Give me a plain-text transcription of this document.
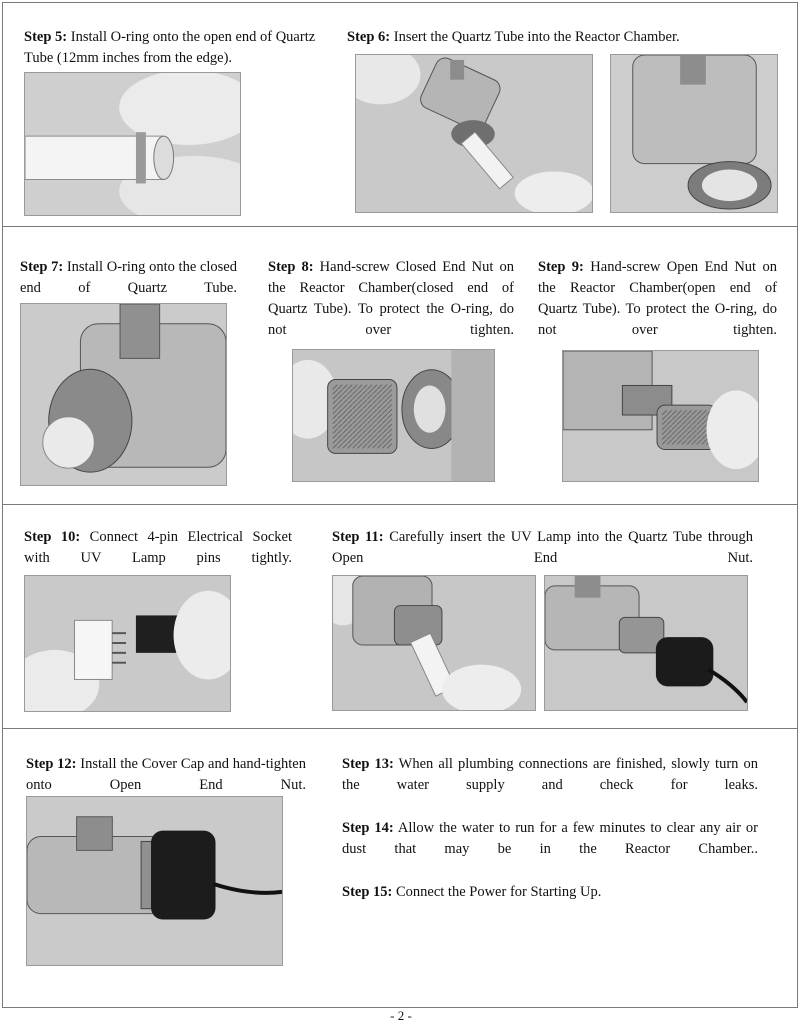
Step 5: Install O-ring onto the open end of Quartz Tube (12mm inches from the edge).

Step 6: Insert the Quartz Tube into the Reactor Chamber.

Step 7: Install O-ring onto the closed end of Quartz Tube.

Step 8: Hand-screw Closed End Nut on the Reactor Chamber(closed end of Quartz Tube). To protect the O-ring, do not over tighten.

Step 9: Hand-screw Open End Nut on the Reactor Chamber(open end of Quartz Tube). To protect the O-ring, do not over tighten.

Step 10: Connect 4-pin Electrical Socket with UV Lamp pins tightly.

Step 11: Carefully insert the UV Lamp into the Quartz Tube through Open End Nut.

Step 12: Install the Cover Cap and hand-tighten onto Open End Nut.

Step 13: When all plumbing connections are finished, slowly turn on the water supply and check for leaks.

Step 14: Allow the water to run for a few minutes to clear any air or dust that may be in the Reactor Chamber..

Step 15: Connect the Power for Starting Up.

- 2 -
